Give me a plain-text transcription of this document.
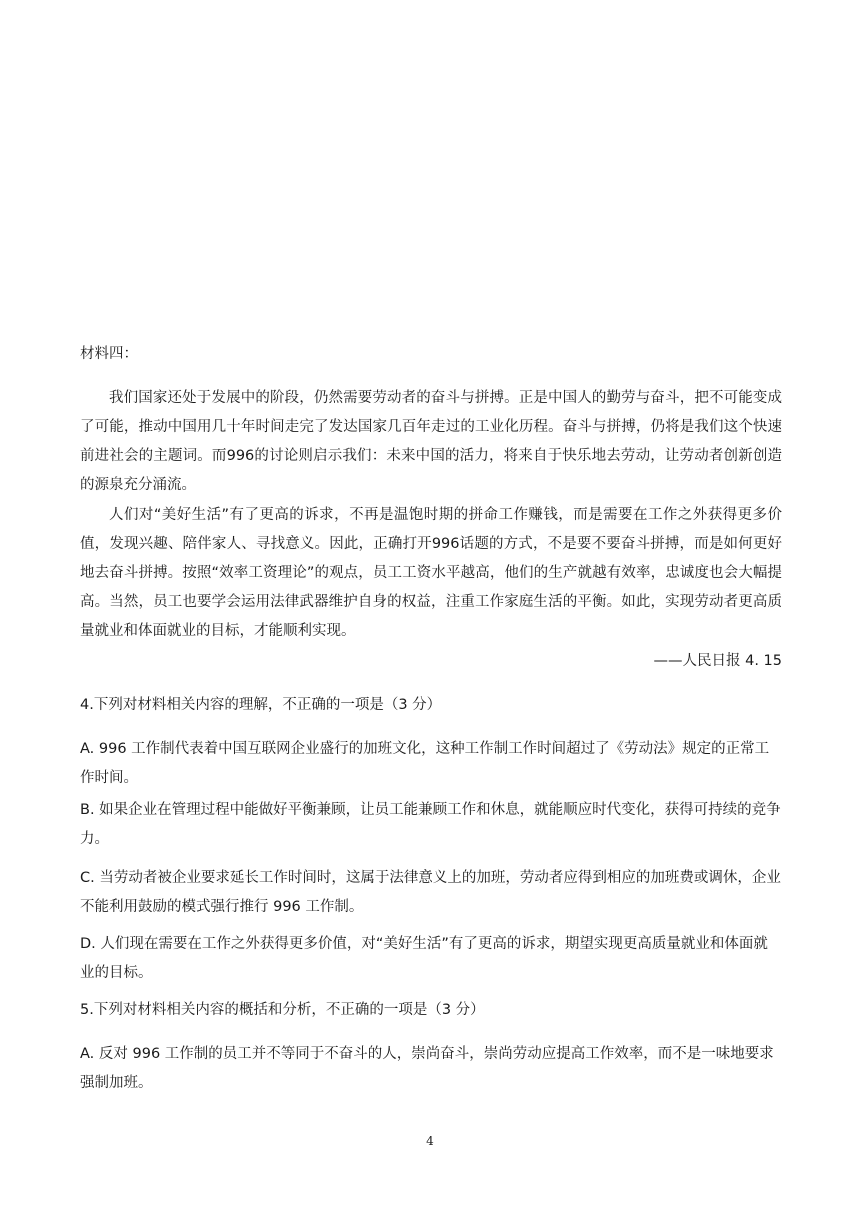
材料四：
我们国家还处于发展中的阶段，仍然需要劳动者的奋斗与拼搏。正是中国人的勤劳与奋斗，把不可能变成了可能，推动中国用几十年时间走完了发达国家几百年走过的工业化历程。奋斗与拼搏，仍将是我们这个快速前进社会的主题词。而996的讨论则启示我们：未来中国的活力，将来自于快乐地去劳动，让劳动者创新创造的源泉充分涌流。
人们对“美好生活”有了更高的诉求，不再是温饱时期的拼命工作赚钱，而是需要在工作之外获得更多价值，发现兴趣、陪伴家人、寻找意义。因此，正确打开996话题的方式，不是要不要奋斗拼搏，而是如何更好地去奋斗拼搏。按照“效率工资理论”的观点，员工工资水平越高，他们的生产就越有效率，忠诚度也会大幅提高。当然，员工也要学会运用法律武器维护自身的权益，注重工作家庭生活的平衡。如此，实现劳动者更高质量就业和体面就业的目标，才能顺利实现。
——人民日报 4. 15
4.下列对材料相关内容的理解，不正确的一项是（3 分）
A. 996 工作制代表着中国互联网企业盛行的加班文化，这种工作制工作时间超过了《劳动法》规定的正常工作时间。
B. 如果企业在管理过程中能做好平衡兼顾，让员工能兼顾工作和休息，就能顺应时代变化，获得可持续的竞争力。
C. 当劳动者被企业要求延长工作时间时，这属于法律意义上的加班，劳动者应得到相应的加班费或调休，企业不能利用鼓励的模式强行推行 996 工作制。
D. 人们现在需要在工作之外获得更多价值，对“美好生活”有了更高的诉求，期望实现更高质量就业和体面就业的目标。
5.下列对材料相关内容的概括和分析，不正确的一项是（3 分）
A. 反对 996 工作制的员工并不等同于不奋斗的人，崇尚奋斗，崇尚劳动应提高工作效率，而不是一味地要求强制加班。
4
